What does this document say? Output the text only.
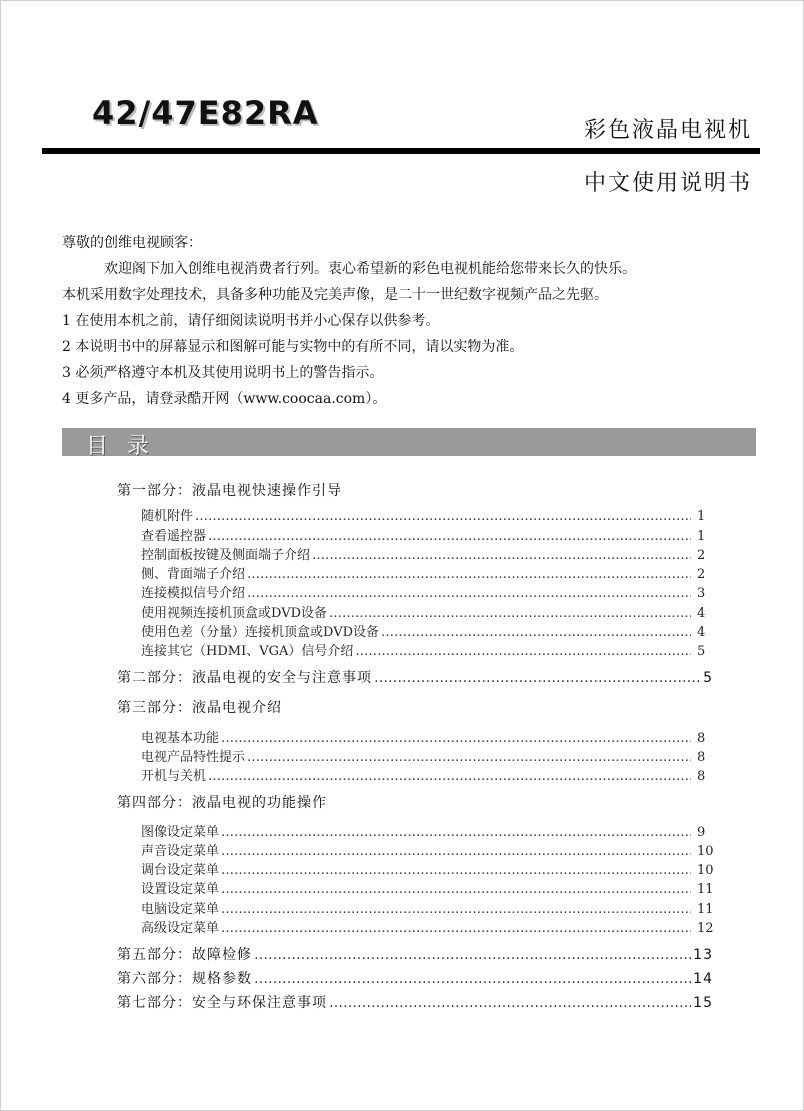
42/47E82RA	彩色液晶电视机
中文使用说明书

尊敬的创维电视顾客：

欢迎阁下加入创维电视消费者行列。衷心希望新的彩色电视机能给您带来长久的快乐。

本机采用数字处理技术，具备多种功能及完美声像，是二十一世纪数字视频产品之先驱。

1 在使用本机之前，请仔细阅读说明书并小心保存以供参考。

2 本说明书中的屏幕显示和图解可能与实物中的有所不同，请以实物为准。

3 必须严格遵守本机及其使用说明书上的警告指示。

4 更多产品，请登录酷开网（www.coocaa.com）。

目 录
第一部分：液晶电视快速操作引导
随机附件 ……………………………………………………………………………………………………………………………………………………………………	1
查看遥控器 ……………………………………………………………………………………………………………………………………………………………………	1
控制面板按键及侧面端子介绍 ……………………………………………………………………………………………………………………………………………………………………	2
侧、背面端子介绍 ……………………………………………………………………………………………………………………………………………………………………	2
连接模拟信号介绍 ……………………………………………………………………………………………………………………………………………………………………	3
使用视频连接机顶盒或DVD设备 ……………………………………………………………………………………………………………………………………………………………………	4
使用色差（分量）连接机顶盒或DVD设备 ……………………………………………………………………………………………………………………………………………………………………	4
连接其它（HDMI、VGA）信号介绍 ……………………………………………………………………………………………………………………………………………………………………	5
第二部分：液晶电视的安全与注意事项 ……………………………………………………………………………………………………………………………………………………………………	5
第三部分：液晶电视介绍
电视基本功能 ……………………………………………………………………………………………………………………………………………………………………	8
电视产品特性提示 ……………………………………………………………………………………………………………………………………………………………………	8
开机与关机 ……………………………………………………………………………………………………………………………………………………………………	8
第四部分：液晶电视的功能操作
图像设定菜单 ……………………………………………………………………………………………………………………………………………………………………	9
声音设定菜单 ……………………………………………………………………………………………………………………………………………………………………	10
调台设定菜单 ……………………………………………………………………………………………………………………………………………………………………	10
设置设定菜单 ……………………………………………………………………………………………………………………………………………………………………	11
电脑设定菜单 ……………………………………………………………………………………………………………………………………………………………………	11
高级设定菜单 ……………………………………………………………………………………………………………………………………………………………………	12
第五部分：故障检修 ……………………………………………………………………………………………………………………………………………………………………	13
第六部分：规格参数 ……………………………………………………………………………………………………………………………………………………………………	14
第七部分：安全与环保注意事项 ……………………………………………………………………………………………………………………………………………………………………	15
